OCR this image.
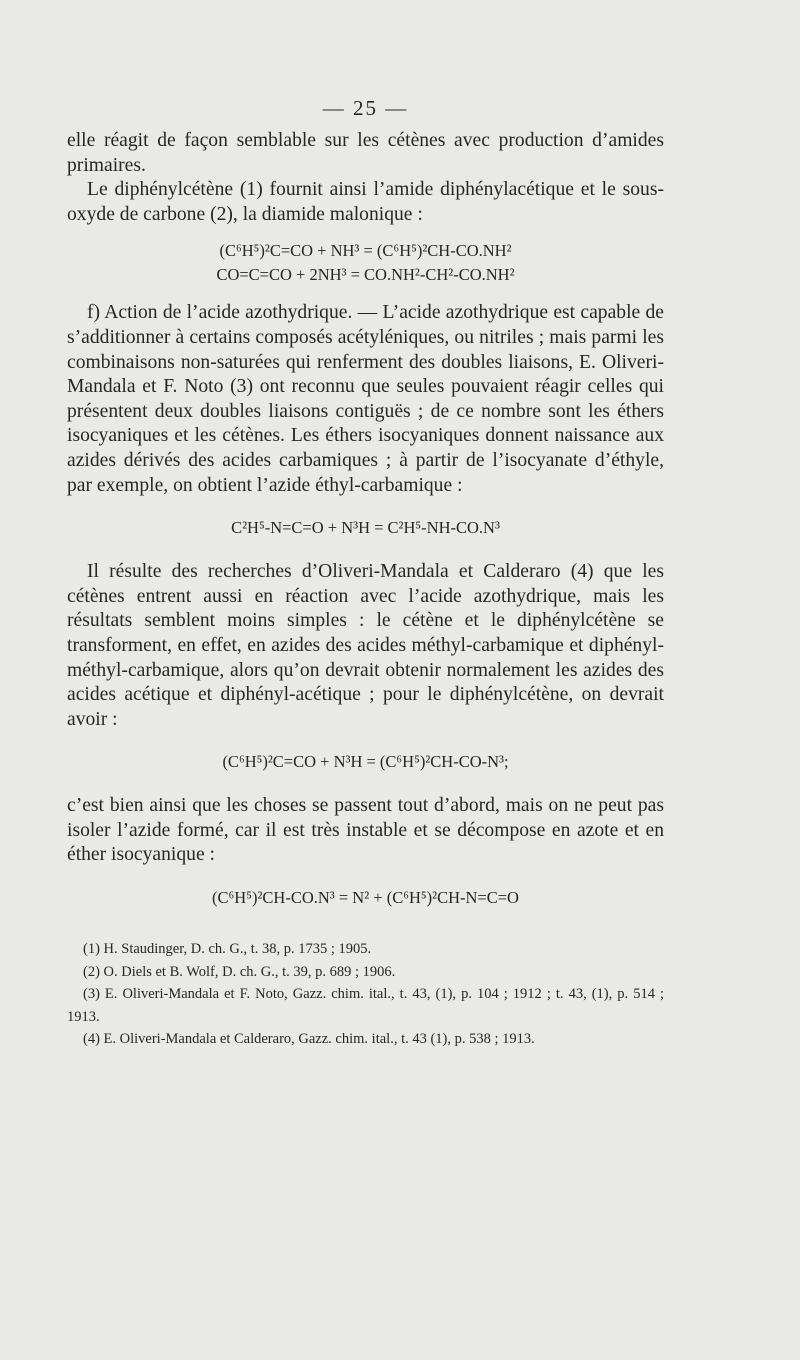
— 25 —

elle réagit de façon semblable sur les cétènes avec production d’amides primaires.

Le diphénylcétène (1) fournit ainsi l’amide diphénylacétique et le sous-oxyde de carbone (2), la diamide malonique :

(C⁶H⁵)²C=CO + NH³ = (C⁶H⁵)²CH-CO.NH²
CO=C=CO + 2NH³ = CO.NH²-CH²-CO.NH²

f) Action de l’acide azothydrique. — L’acide azothydrique est capable de s’additionner à certains composés acétyléniques, ou nitriles ; mais parmi les combinaisons non-saturées qui renferment des doubles liaisons, E. Oliveri-Mandala et F. Noto (3) ont reconnu que seules pouvaient réagir celles qui présentent deux doubles liaisons contiguës ; de ce nombre sont les éthers isocyaniques et les cétènes. Les éthers isocyaniques donnent naissance aux azides dérivés des acides carbamiques ; à partir de l’isocyanate d’éthyle, par exemple, on obtient l’azide éthyl-carbamique :

C²H⁵-N=C=O + N³H = C²H⁵-NH-CO.N³

Il résulte des recherches d’Oliveri-Mandala et Calderaro (4) que les cétènes entrent aussi en réaction avec l’acide azothydrique, mais les résultats semblent moins simples : le cétène et le diphénylcétène se transforment, en effet, en azides des acides méthyl-carbamique et diphényl-méthyl-carbamique, alors qu’on devrait obtenir normalement les azides des acides acétique et diphényl-acétique ; pour le diphénylcétène, on devrait avoir :

(C⁶H⁵)²C=CO + N³H = (C⁶H⁵)²CH-CO-N³;

c’est bien ainsi que les choses se passent tout d’abord, mais on ne peut pas isoler l’azide formé, car il est très instable et se décompose en azote et en éther isocyanique :

(C⁶H⁵)²CH-CO.N³ = N² + (C⁶H⁵)²CH-N=C=O
(1) H. Staudinger, D. ch. G., t. 38, p. 1735 ; 1905.
(2) O. Diels et B. Wolf, D. ch. G., t. 39, p. 689 ; 1906.
(3) E. Oliveri-Mandala et F. Noto, Gazz. chim. ital., t. 43, (1), p. 104 ; 1912 ; t. 43, (1), p. 514 ; 1913.
(4) E. Oliveri-Mandala et Calderaro, Gazz. chim. ital., t. 43 (1), p. 538 ; 1913.
